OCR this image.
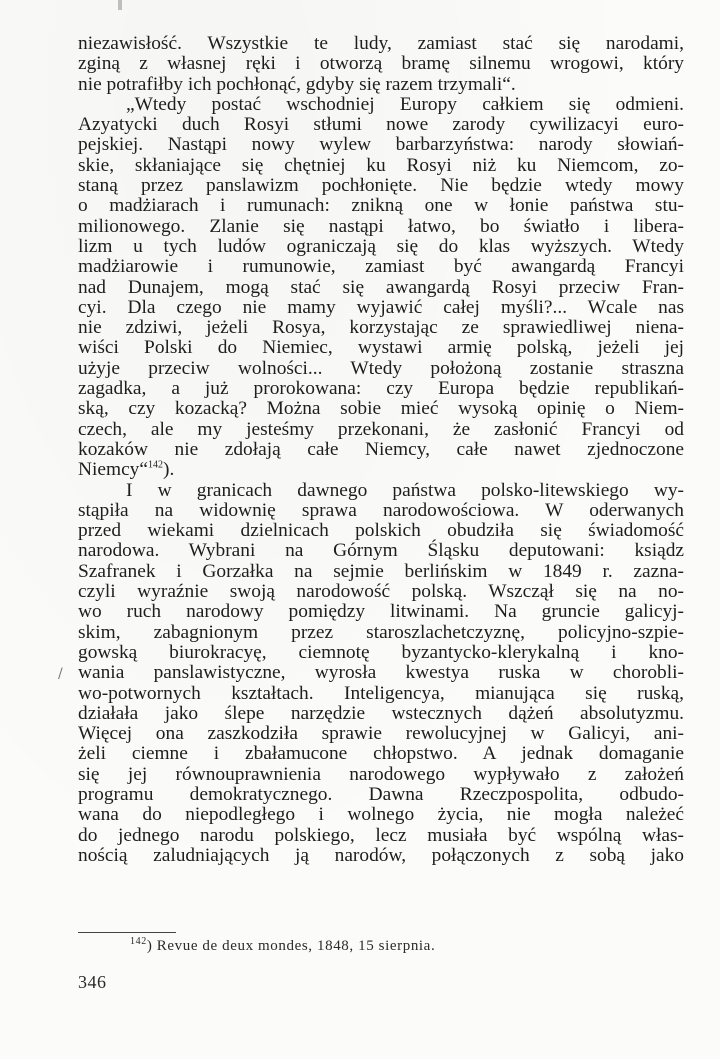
niezawisłość. Wszystkie te ludy, zamiast stać się narodami,
zginą z własnej ręki i otworzą bramę silnemu wrogowi, który
nie potrafiłby ich pochłonąć, gdyby się razem trzymali“.
„Wtedy postać wschodniej Europy całkiem się odmieni.
Azyatycki duch Rosyi stłumi nowe zarody cywilizacyi euro-
pejskiej. Nastąpi nowy wylew barbarzyństwa: narody słowiań-
skie, skłaniające się chętniej ku Rosyi niż ku Niemcom, zo-
staną przez panslawizm pochłonięte. Nie będzie wtedy mowy
o madżiarach i rumunach: znikną one w łonie państwa stu-
milionowego. Zlanie się nastąpi łatwo, bo światło i libera-
lizm u tych ludów ograniczają się do klas wyższych. Wtedy
madżiarowie i rumunowie, zamiast być awangardą Francyi
nad Dunajem, mogą stać się awangardą Rosyi przeciw Fran-
cyi. Dla czego nie mamy wyjawić całej myśli?... Wcale nas
nie zdziwi, jeżeli Rosya, korzystając ze sprawiedliwej niena-
wiści Polski do Niemiec, wystawi armię polską, jeżeli jej
użyje przeciw wolności... Wtedy położoną zostanie straszna
zagadka, a już prorokowana: czy Europa będzie republikań-
ską, czy kozacką? Można sobie mieć wysoką opinię o Niem-
czech, ale my jesteśmy przekonani, że zasłonić Francyi od
kozaków nie zdołają całe Niemcy, całe nawet zjednoczone
Niemcy“$^{142}$).
I w granicach dawnego państwa polsko-litewskiego wy-
stąpiła na widownię sprawa narodowościowa. W oderwanych
przed wiekami dzielnicach polskich obudziła się świadomość
narodowa. Wybrani na Górnym Śląsku deputowani: ksiądz
Szafranek i Gorzałka na sejmie berlińskim w 1849 r. zazna-
czyli wyraźnie swoją narodowość polską. Wszczął się na no-
wo ruch narodowy pomiędzy litwinami. Na gruncie galicyj-
skim, zabagnionym przez staroszlachetczyznę, policyjno-szpie-
gowską biurokracyę, ciemnotę byzantycko-klerykalną i kno-
wania panslawistyczne, wyrosła kwestya ruska w chorobli-
wo-potwornych kształtach. Inteligencya, mianująca się ruską,
działała jako ślepe narzędzie wstecznych dążeń absolutyzmu.
Więcej ona zaszkodziła sprawie rewolucyjnej w Galicyi, ani-
żeli ciemne i zbałamucone chłopstwo. A jednak domaganie
się jej równouprawnienia narodowego wypływało z założeń
programu demokratycznego. Dawna Rzeczpospolita, odbudo-
wana do niepodległego i wolnego życia, nie mogła należeć
do jednego narodu polskiego, lecz musiała być wspólną włas-
nością zaludniających ją narodów, połączonych z sobą jako
/
$^{142}$) Revue de deux mondes, 1848, 15 sierpnia.
346
